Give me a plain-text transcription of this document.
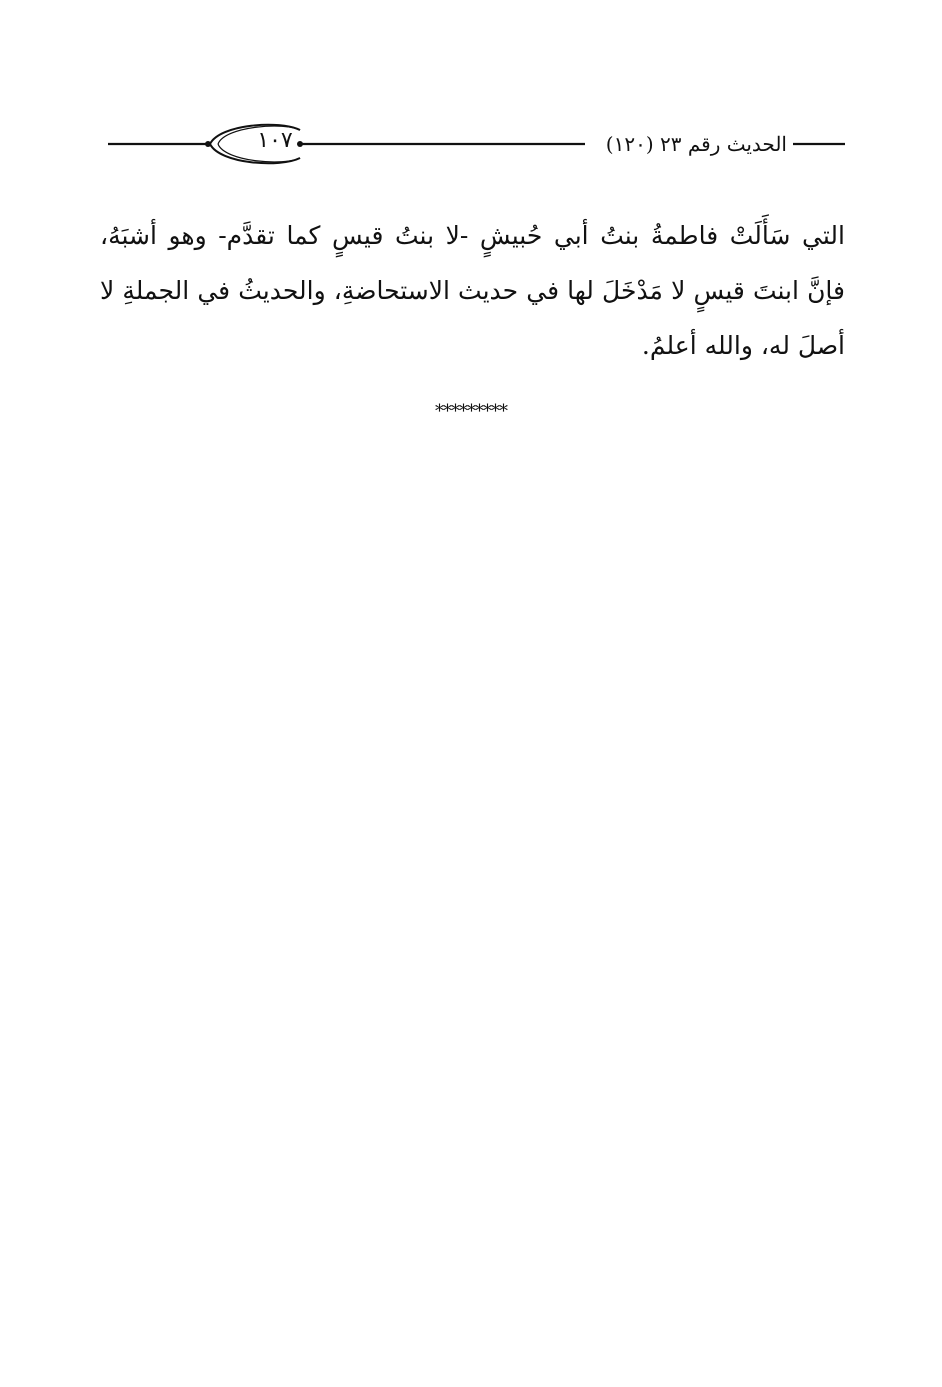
١٠٧	الحديث رقم ٢٣ (١٢٠)

التي سَأَلَتْ فاطمةُ بنتُ أبي حُبيشٍ -لا بنتُ قيسٍ كما تقدَّم- وهو أشبَهُ، فإنَّ ابنتَ قيسٍ لا مَدْخَلَ لها في حديث الاستحاضةِ، والحديثُ في الجملةِ لا أصلَ له، والله أعلمُ.

*********
